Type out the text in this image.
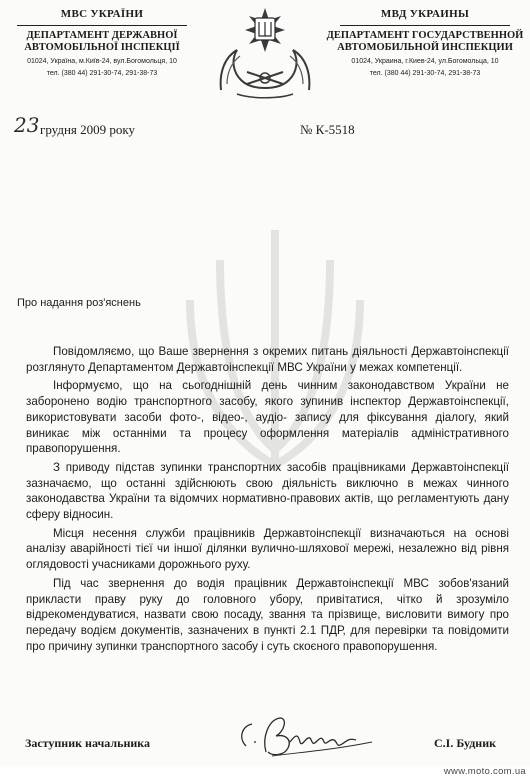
МВС УКРАЇНИ
ДЕПАРТАМЕНТ ДЕРЖАВНОЇ
АВТОМОБІЛЬНОЇ ІНСПЕКЦІЇ
01024, Україна, м.Київ-24, вул.Богомольця, 10
тел. (380 44) 291-30-74, 291-38-73
МВД УКРАИНЫ
ДЕПАРТАМЕНТ ГОСУДАРСТВЕННОЙ
АВТОМОБИЛЬНОЙ ИНСПЕКЦИИ
01024, Украина, г.Киев-24, ул.Богомольца, 10
тел. (380 44) 291-30-74, 291-38-73
23 грудня 2009 року	№ К-5518
Про надання роз'яснень

Повідомляємо, що Ваше звернення з окремих питань діяльності Державтоінспекції розглянуто Департаментом Державтоінспекції МВС України у межах компетенції.

Інформуємо, що на сьогоднішній день чинним законодавством України не заборонено водію транспортного засобу, якого зупинив інспектор Державтоінспекції, використовувати засоби фото-, відео-, аудіо- запису для фіксування діалогу, який виникає між останніми та процесу оформлення матеріалів адміністративного правопорушення.

З приводу підстав зупинки транспортних засобів працівниками Державтоінспекції зазначаємо, що останні здійснюють свою діяльність виключно в межах чинного законодавства України та відомчих нормативно-правових актів, що регламентують дану сферу відносин.

Місця несення служби працівників Державтоінспекції визначаються на основі аналізу аварійності тієї чи іншої ділянки вулично-шляхової мережі, незалежно від рівня оглядовості учасниками дорожнього руху.

Під час звернення до водія працівник Державтоінспекції МВС зобов'язаний прикласти праву руку до головного убору, привітатися, чітко й зрозуміло відрекомендуватися, назвати свою посаду, звання та прізвище, висловити вимогу про передачу водієм документів, зазначених в пункті 2.1 ПДР, для перевірки та повідомити про причину зупинки транспортного засобу і суть скоєного правопорушення.

Заступник начальника	С.І. Будник
www.moto.com.ua
